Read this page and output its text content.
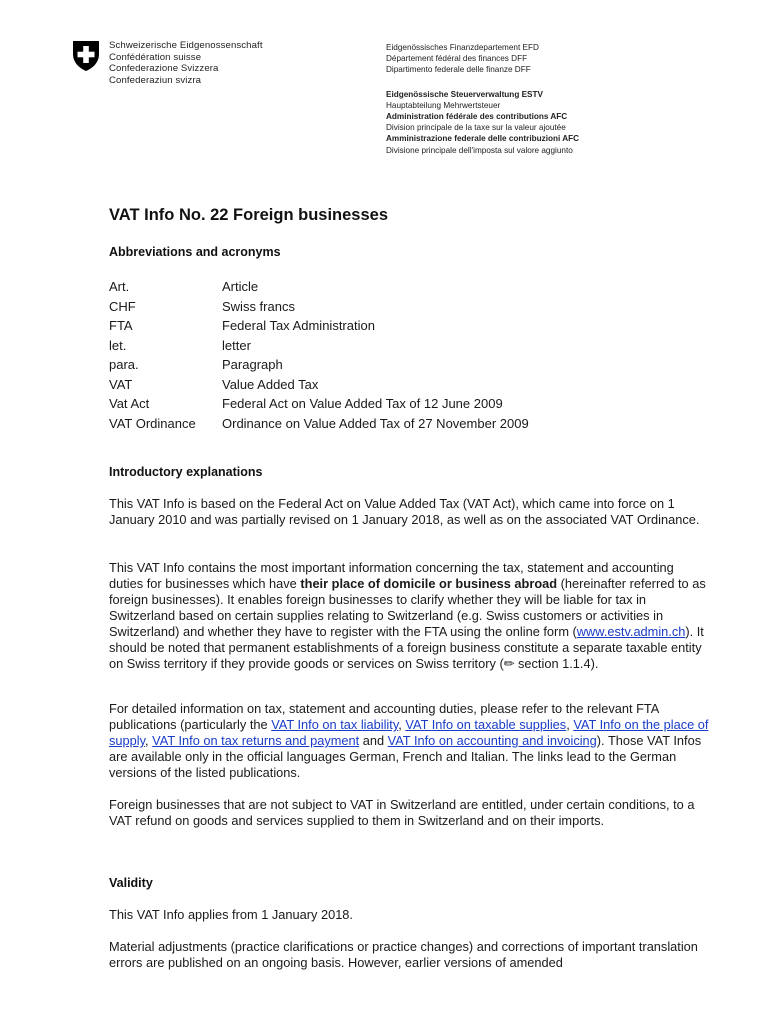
Schweizerische Eidgenossenschaft
Confédération suisse
Confederazione Svizzera
Confederaziun svizra
Eidgenössisches Finanzdepartement EFD
Département fédéral des finances DFF
Dipartimento federale delle finanze DFF
Eidgenössische Steuerverwaltung ESTV
Hauptabteilung Mehrwertsteuer
Administration fédérale des contributions AFC
Division principale de la taxe sur la valeur ajoutée
Amministrazione federale delle contribuzioni AFC
Divisione principale dell'imposta sul valore aggiunto
VAT Info No. 22 Foreign businesses
Abbreviations and acronyms
Art.	Article
CHF	Swiss francs
FTA	Federal Tax Administration
let.	letter
para.	Paragraph
VAT	Value Added Tax
Vat Act	Federal Act on Value Added Tax of 12 June 2009
VAT Ordinance	Ordinance on Value Added Tax of 27 November 2009
Introductory explanations

This VAT Info is based on the Federal Act on Value Added Tax (VAT Act), which came into force on 1 January 2010 and was partially revised on 1 January 2018, as well as on the associated VAT Ordinance.

This VAT Info contains the most important information concerning the tax, statement and accounting duties for businesses which have their place of domicile or business abroad (hereinafter referred to as foreign businesses). It enables foreign businesses to clarify whether they will be liable for tax in Switzerland based on certain supplies relating to Switzerland (e.g. Swiss customers or activities in Switzerland) and whether they have to register with the FTA using the online form (www.estv.admin.ch). It should be noted that permanent establishments of a foreign business constitute a separate taxable entity on Swiss territory if they provide goods or services on Swiss territory (✏ section 1.1.4).

For detailed information on tax, statement and accounting duties, please refer to the relevant FTA publications (particularly the VAT Info on tax liability, VAT Info on taxable supplies, VAT Info on the place of supply, VAT Info on tax returns and payment and VAT Info on accounting and invoicing). Those VAT Infos are available only in the official languages German, French and Italian. The links lead to the German versions of the listed publications.

Foreign businesses that are not subject to VAT in Switzerland are entitled, under certain conditions, to a VAT refund on goods and services supplied to them in Switzerland and on their imports.

Validity

This VAT Info applies from 1 January 2018.

Material adjustments (practice clarifications or practice changes) and corrections of important translation errors are published on an ongoing basis. However, earlier versions of amended
